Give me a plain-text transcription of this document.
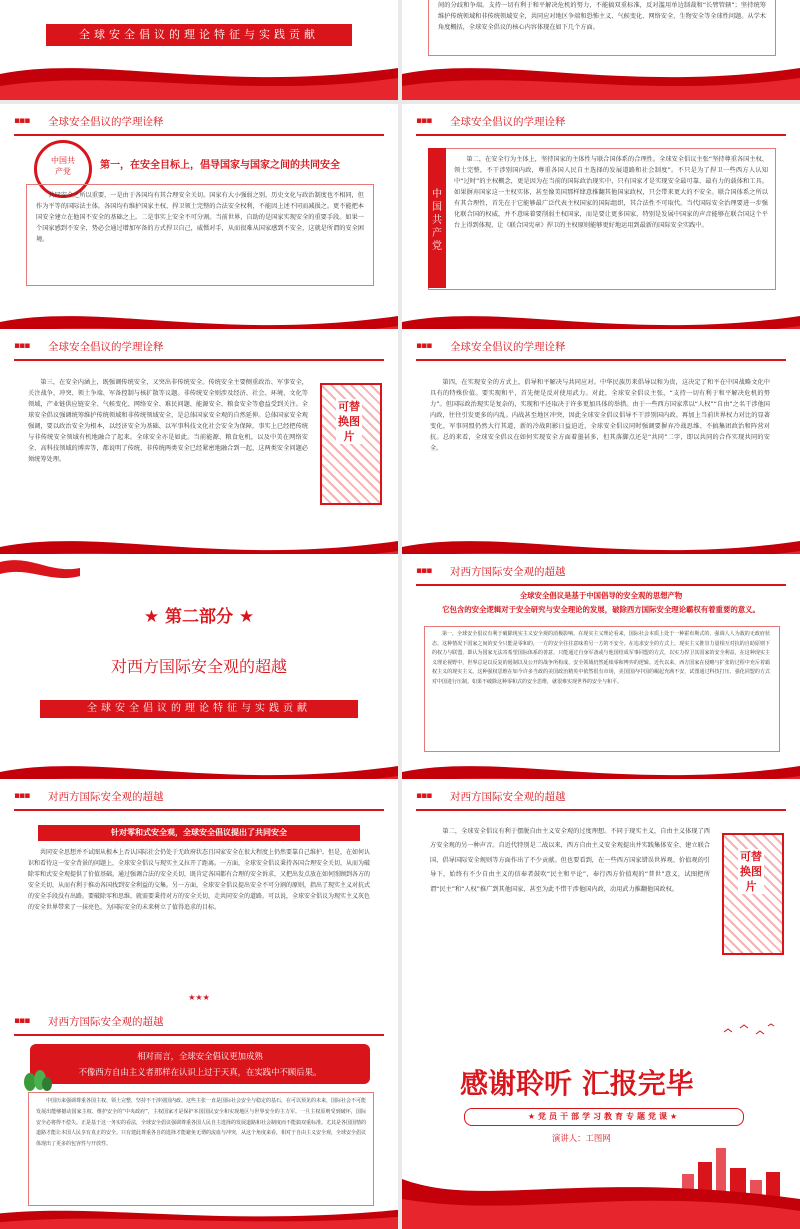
全球安全倡议的理论特征与实践贡献
间的分歧和争端。支持一切有利于和平解决危机的努力，不能搞双重标准，反对滥用单边制裁和“长臂管辖”；坚持统筹维护传统领域和非传统领域安全，共同应对地区争端和恐怖主义、气候变化、网络安全、生物安全等全球性问题。从学术角度概括，全球安全倡议的核心内容体现在如下几个方面。
▪▪▪ 全球安全倡议的学理诠释
中国共产党
第一，在安全目标上，倡导国家与国家之间的共同安全
共同安全之所以重要，一是由于各国均有其合理安全关切。国家有大小强弱之别，历史文化与政治制度也不相同，但作为平等的国际法主体，各国均有维护国家主权、捍卫领土完整的合法安全权利，不能因上述不同而减损之。更不能把本国安全建立在他国不安全的基础之上。二是事实上安全不可分割。当前世界，自助的是国家实现安全的重要手段。如果一个国家感到不安全，势必会通过增加军备的方式捍卫自己，威慑对手，从而很难从国家感到不安全，这就是所谓的安全困境。
▪▪▪ 全球安全倡议的学理诠释
中国共产党
第二，在安全行为主体上，坚持国家的主体性与联合国体系的合理性。全球安全倡议主张“坚持尊重各国主权、领土完整，不干涉别国内政，尊重各国人民自主选择的发展道路和社会制度”。不只是为了捍卫一些西方人认知中“过时”的主权概念，更是因为在当前的国际政治现实中，只有国家才是实现安全最可靠、最有力的载体和工具。如果摒弃国家这一主权实体，甚至像美国那样肆意推翻其他国家政权，只会带来更大的不安全。联合国体系之所以有其合理性，首先在于它能够最广泛代表主权国家的国际组织，其合法性不可取代。当代国际安全治理要进一步强化联合国的权威，并不意味着要削弱主权国家，而是要让更多国家，特别是发展中国家的声音能够在联合国这个平台上得到体现，让《联合国宪章》捍卫的主权原则能够更好地运用到最新的国际安全实践中。
▪▪▪ 全球安全倡议的学理诠释
第三，在安全内涵上，既强调传统安全，又突出非传统安全。传统安全主要侧重政治、军事安全，关注战争、冲突、领土争端、军备控制与核扩散等议题。非传统安全则涉及经济、社会、环境、文化等领域，产业链供应链安全、气候变化、网络安全、难民问题、能源安全、粮食安全等愈益受到关注。全球安全倡议强调统筹维护传统领域和非传统领域安全，是总体国家安全观的自然延伸。总体国家安全观强调，要以政治安全为根本，以经济安全为基础、以军事科技文化社会安全为保障，事实上已经把传统与非传统安全领域有机地融合了起来。全球安全亦是如此。当前能源、粮食危机，以及中美在网络安全、高科技领域的博弈等，都说明了传统、非传统两类安全已经紧密地融合到一起，这两类安全问题必须统筹处理。
可替换图片
▪▪▪ 全球安全倡议的学理诠释
第四，在实现安全的方式上，倡导和平解决与共同应对。中华民族历来倡导以和为贵，这决定了和平在中国战略文化中具有的特殊价值。要实现和平，首先便是反对使用武力。对此，全球安全倡议主张，“支持一切有利于和平解决危机的努力”。但国际政治现实是复杂的，实现和平还取决于许多更加具体的举措。由于一些西方国家常以“人权”“自由”之名干涉他国内政，往往引发更多的内乱。内战甚至地区冲突，因此全球安全倡议倡导不干涉别国内政。再加上当前世界权力对比的显著变化，军事同盟仍然大行其道，新的冷战阴影日益迫近，全球安全倡议同时强调要摒弃冷战思维、不搞集团政治和阵营对抗。总的来看，全球安全倡议在如何实现安全方面着墨甚多，但其落脚点还是“共同”二字，即以共同的合作实现共同的安全。
★ 第二部分 ★
对西方国际安全观的超越
全球安全倡议的理论特征与实践贡献
▪▪▪ 对西方国际安全观的超越
全球安全倡议是基于中国倡导的安全观的思想产物
它包含的安全逻辑对于安全研究与安全理论的发展，破除西方国际安全理论霸权有着重要的意义。
第一，全球安全倡议有利于破除现实主义安全观的消极影响。在现实主义理论看来，国际社会本质上处于一种霍布斯式的、强调人人为敌的无政府状态。这种情况下国家之间的安全只能是零和的，一方的安全往往意味着另一方的不安全。在追求安全的方式上，现实主义推崇力量相互对抗的自助原则下的权力与联盟，即认为国家无法寄希望国际体系的善意，只能通过自身军备或与他国结成军事同盟的方式，以实力捍卫其国家的安全利益，在这种现实主义理论视野中，世界总是以反复的遏制以及公开的战争所构成，安全领域仍然延续零和博弈的逻辑。近代以来，西方国家在侵略与扩张的过程中充斥着霸权主义的现实主义。这种强权思维在如今许多当政的美国政治精英中依然很有市场，美国国内中国的崛起充满不安，试图通过科技打压、强化同盟的方式对中国进行压制。如果不破除这种零和式的安全思维，就很难实现世界的安全与和平。
▪▪▪ 对西方国际安全观的超越
针对零和式安全观，全球安全倡议提出了共同安全
共同安全思想并不试图从根本上否认国际社会仍处于无政府状态且国家安全在很大程度上仍然要靠自己维护。但是，在如何认识和看待这一安全背景的问题上，全球安全倡议与现实主义拉开了距离。一方面，全球安全倡议秉持各国合理安全关切，从而为破除零和式安全观提供了价值基础。通过强调合法的安全关切，既肯定各国都有合理的安全诉求，又把出发点放在如何照顾到各方的安全关切，从而有利于推动各国找到安全利益的交集。另一方面，全球安全倡议提出安全不可分割的原则，指出了现实主义对抗式的安全手段没有出路。要破除零和思维，就需要秉持对方的安全关切，走共同安全的道路。可以说，全球安全倡议为现实主义灰色的安全世界带来了一抹亮色，为国际安全的未来树立了值得追求的目标。
★★★
▪▪▪ 对西方国际安全观的超越
第二，全球安全倡议有利于摆脱自由主义安全观的过度理想。不同于现实主义，自由主义体现了西方安全观的另一种声音。自近代特别是二战以来，西方自由主义安全观提出并实践集体安全、建立联合国、倡导国际安全规则等方面作出了不少贡献。但也要看到，在一些西方国家错误世界观、价值观的引导下，始终有不少自由主义的信奉者鼓吹“民主和平论”，奉行西方价值观的“普世”意义，试图把所谓“民主”和“人权”推广到其他国家，甚至为此不惜干涉他国内政，动用武力推翻他国政权。
可替换图片
▪▪▪ 对西方国际安全观的超越
相对而言，全球安全倡议更加成熟
不像西方自由主义者那样在认识上过于天真，在实践中不顾后果。
中国历来强调尊重各国主权、领土完整，坚持不干涉别国内政。这些主张一直是国际社会安全与稳定的基石，在可以预见的未来，国际社会不可能发展出能够撼动国家主权、维护安全的“中央政府”，主权国家才是保护本国国民安全和实现地区与世界安全的主力军。一旦主权原则受到破坏，国际安全必将得不偿失。正是基于这一务实的看法，全球安全倡议强调尊重各国人民自主选择的发展道路和社会制度而不能搞双重标准。尤其是各国国情的道路才能让本国人民享有真正的安全。只有建此尊重各自的选择才能避免无谓的流血与冲突，从这个角度来看，相对于自由主义安全观，全球安全倡议体现出了更多的包容性与开放性。
感谢聆听 汇报完毕
★党员干部学习教育专题党课★
演讲人：工图网
